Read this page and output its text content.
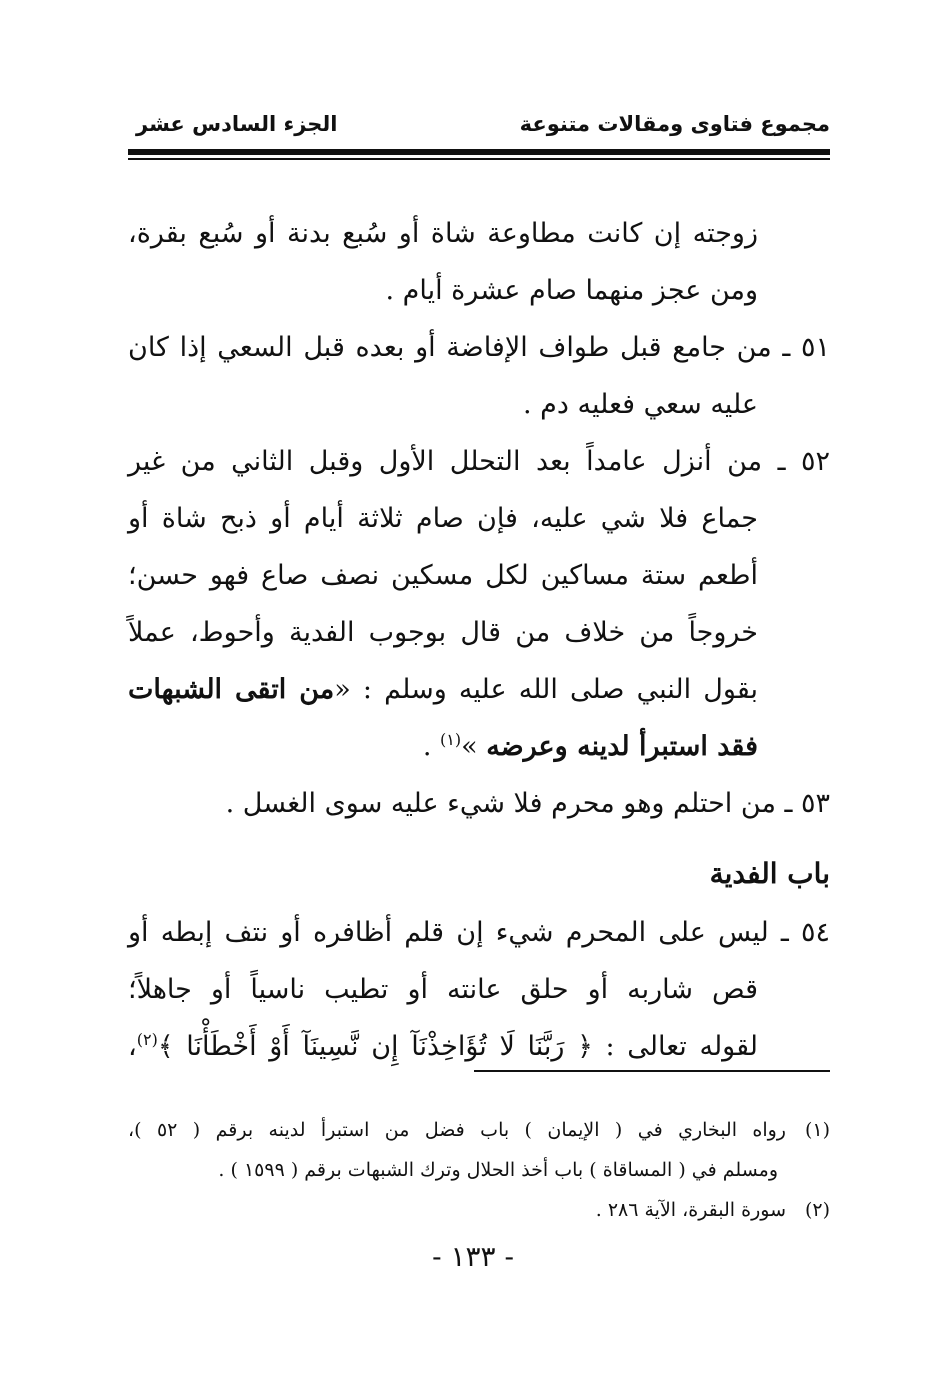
مجموع فتاوى ومقالات متنوعة
الجزء السادس عشر
زوجته إن كانت مطاوعة شاة أو سُبع بدنة أو سُبع بقرة،
ومن عجز منهما صام عشرة أيام .
٥١ ـ من جامع قبل طواف الإفاضة أو بعده قبل السعي إذا كان
عليه سعي فعليه دم .
٥٢ ـ من أنزل عامداً بعد التحلل الأول وقبل الثاني من غير
جماع فلا شي عليه، فإن صام ثلاثة أيام أو ذبح شاة أو
أطعم ستة مساكين لكل مسكين نصف صاع فهو حسن؛
خروجاً من خلاف من قال بوجوب الفدية وأحوط، عملاً
بقول النبي صلى الله عليه وسلم : «من اتقى الشبهات
فقد استبرأ لدينه وعرضه »$^{(١)}$ .
٥٣ ـ من احتلم وهو محرم فلا شيء عليه سوى الغسل .
باب الفدية
٥٤ ـ ليس على المحرم شيء إن قلم أظافره أو نتف إبطه أو
قص شاربه أو حلق عانته أو تطيب ناسياً أو جاهلاً؛
لقوله تعالى : ﴿ رَبَّنَا لَا تُؤَاخِذْنَآ إِن نَّسِينَآ أَوْ أَخْطَأْنَا ﴾$^{(٢)}$،
(١)رواه البخاري في ( الإيمان ) باب فضل من استبرأ لدينه برقم ( ٥٢ )،
ومسلم في ( المساقاة ) باب أخذ الحلال وترك الشبهات برقم ( ١٥٩٩ ) .
(٢)سورة البقرة، الآية ٢٨٦ .
- ١٣٣ -
